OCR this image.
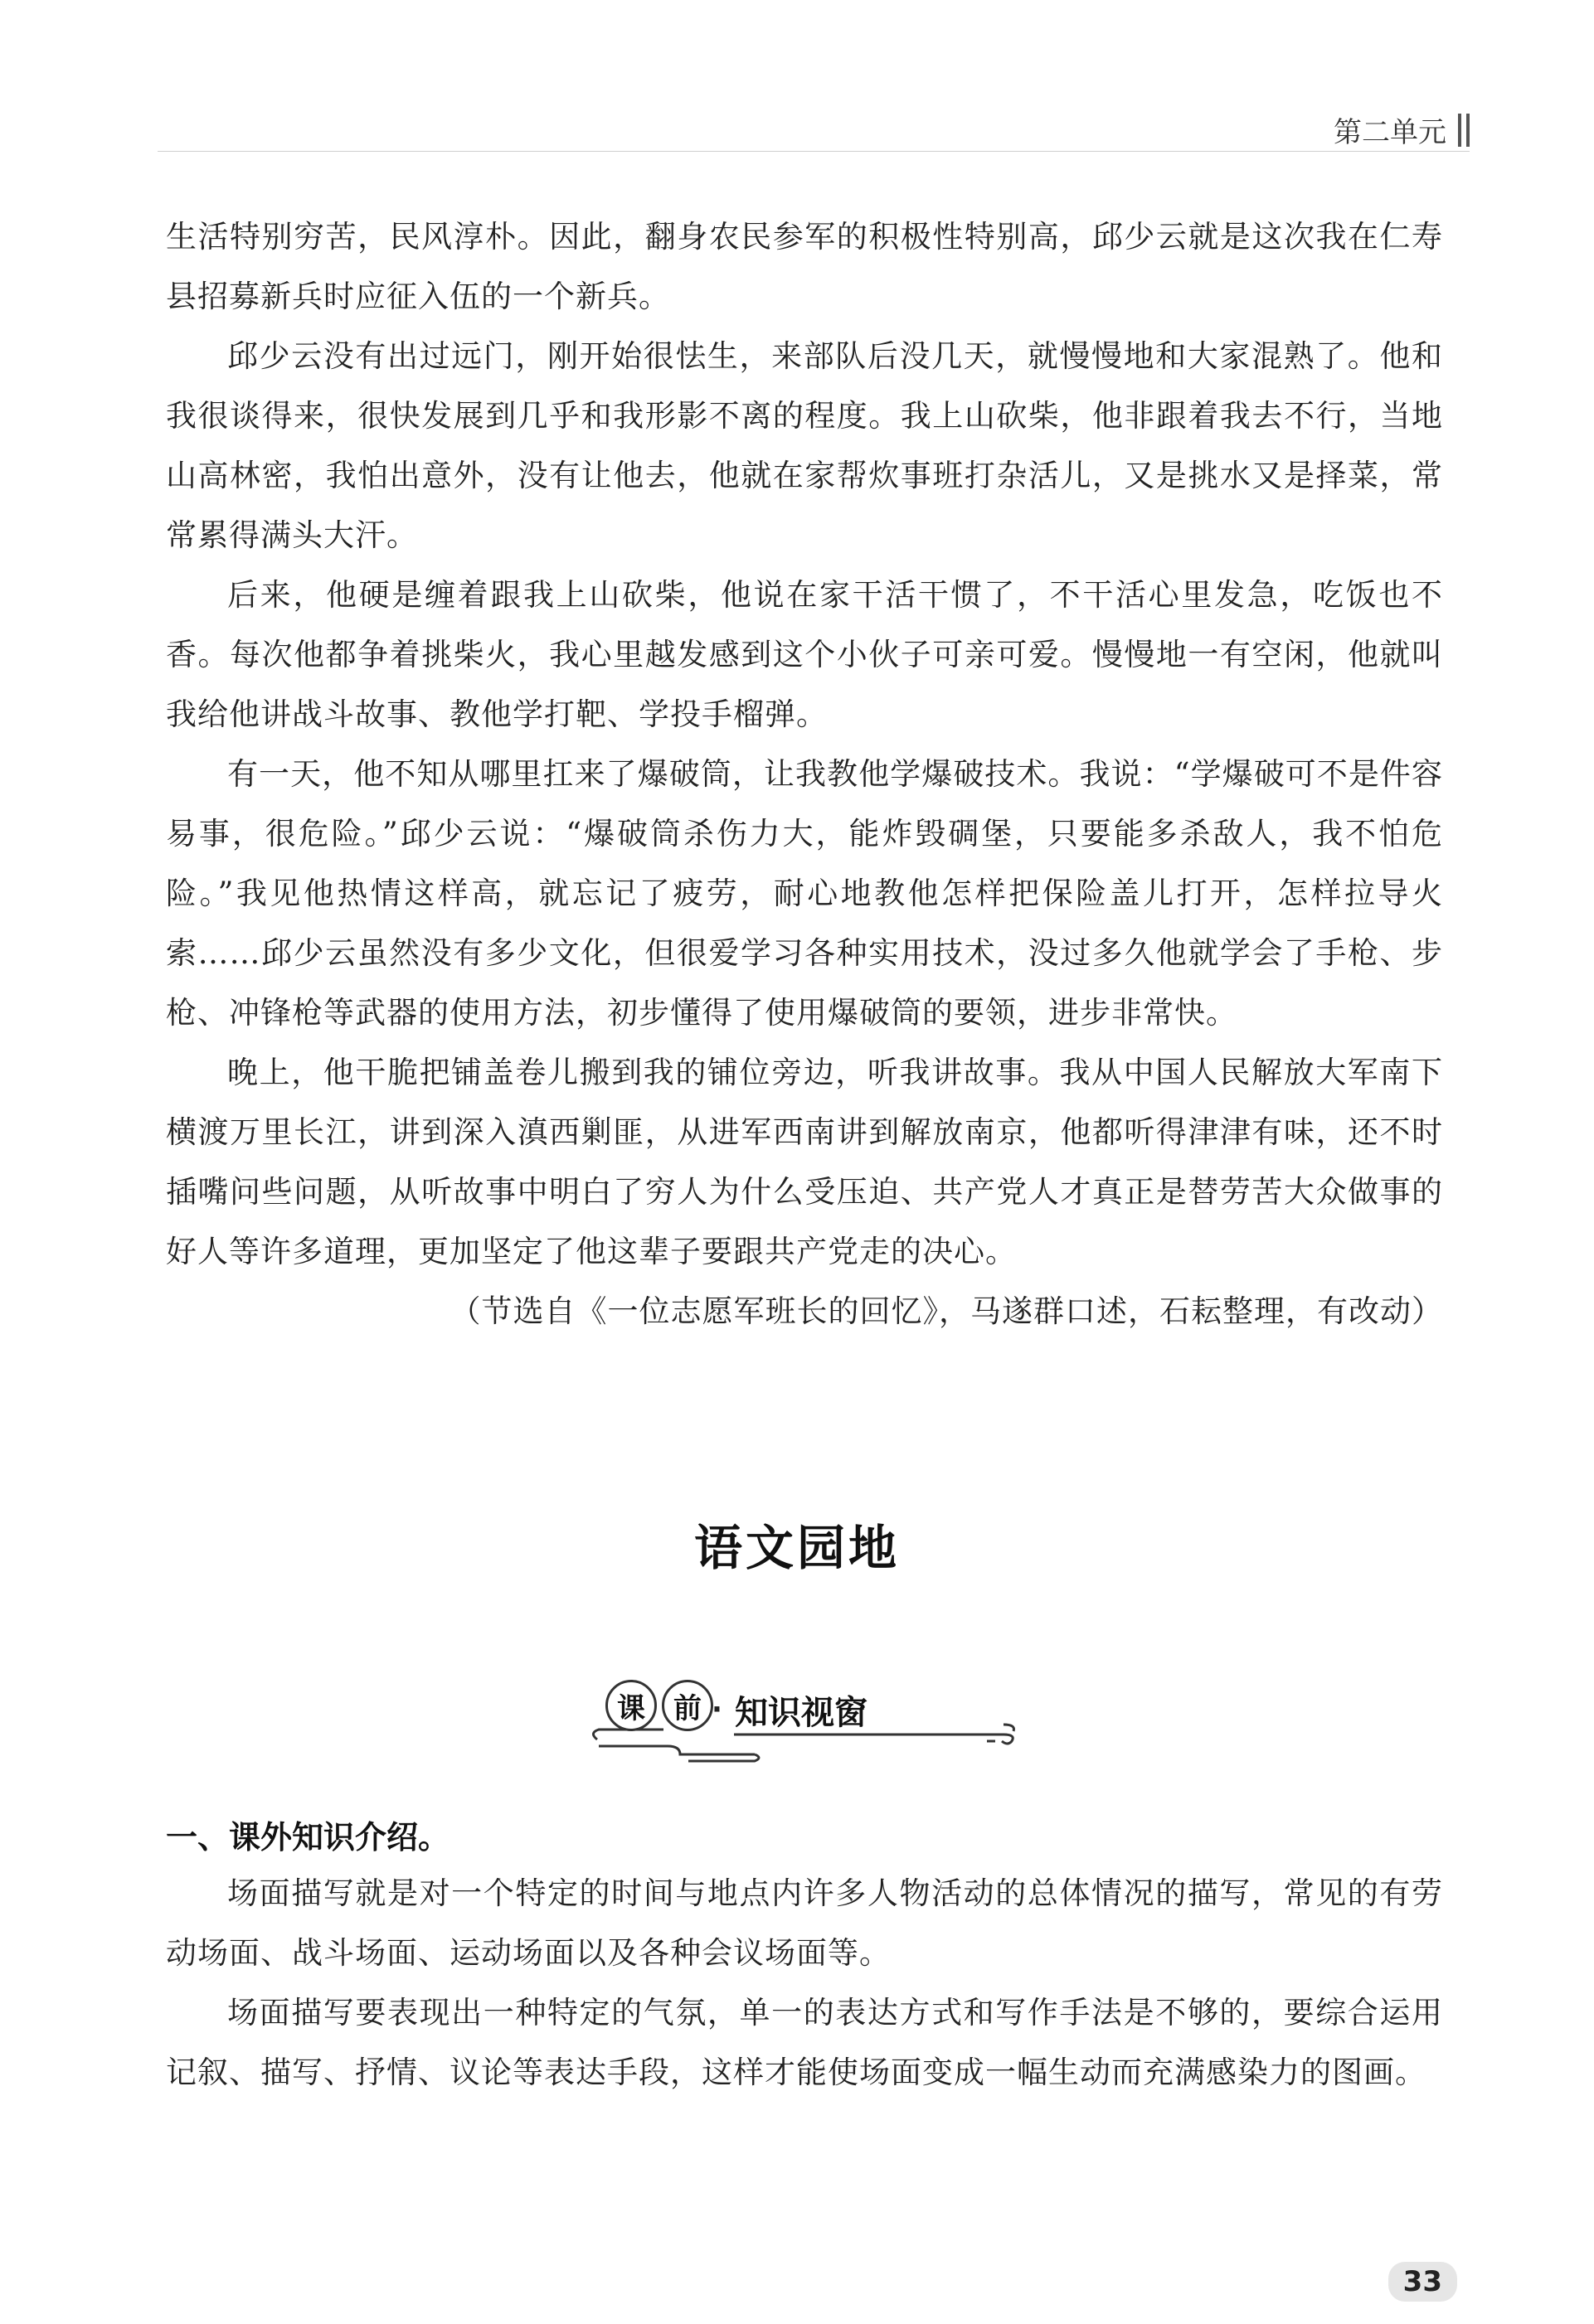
第二单元

生活特别穷苦，民风淳朴。因此，翻身农民参军的积极性特别高，邱少云就是这次我在仁寿县招募新兵时应征入伍的一个新兵。

邱少云没有出过远门，刚开始很怯生，来部队后没几天，就慢慢地和大家混熟了。他和我很谈得来，很快发展到几乎和我形影不离的程度。我上山砍柴，他非跟着我去不行，当地山高林密，我怕出意外，没有让他去，他就在家帮炊事班打杂活儿，又是挑水又是择菜，常常累得满头大汗。

后来，他硬是缠着跟我上山砍柴，他说在家干活干惯了，不干活心里发急，吃饭也不香。每次他都争着挑柴火，我心里越发感到这个小伙子可亲可爱。慢慢地一有空闲，他就叫我给他讲战斗故事、教他学打靶、学投手榴弹。

有一天，他不知从哪里扛来了爆破筒，让我教他学爆破技术。我说：“学爆破可不是件容易事，很危险。”邱少云说：“爆破筒杀伤力大，能炸毁碉堡，只要能多杀敌人，我不怕危险。”我见他热情这样高，就忘记了疲劳，耐心地教他怎样把保险盖儿打开，怎样拉导火索……邱少云虽然没有多少文化，但很爱学习各种实用技术，没过多久他就学会了手枪、步枪、冲锋枪等武器的使用方法，初步懂得了使用爆破筒的要领，进步非常快。

晚上，他干脆把铺盖卷儿搬到我的铺位旁边，听我讲故事。我从中国人民解放大军南下横渡万里长江，讲到深入滇西剿匪，从进军西南讲到解放南京，他都听得津津有味，还不时插嘴问些问题，从听故事中明白了穷人为什么受压迫、共产党人才真正是替劳苦大众做事的好人等许多道理，更加坚定了他这辈子要跟共产党走的决心。

（节选自《一位志愿军班长的回忆》，马遂群口述，石耘整理，有改动）

语文园地
课	前 · 知识视窗
一、课外知识介绍。

场面描写就是对一个特定的时间与地点内许多人物活动的总体情况的描写，常见的有劳动场面、战斗场面、运动场面以及各种会议场面等。

场面描写要表现出一种特定的气氛，单一的表达方式和写作手法是不够的，要综合运用记叙、描写、抒情、议论等表达手段，这样才能使场面变成一幅生动而充满感染力的图画。

33
